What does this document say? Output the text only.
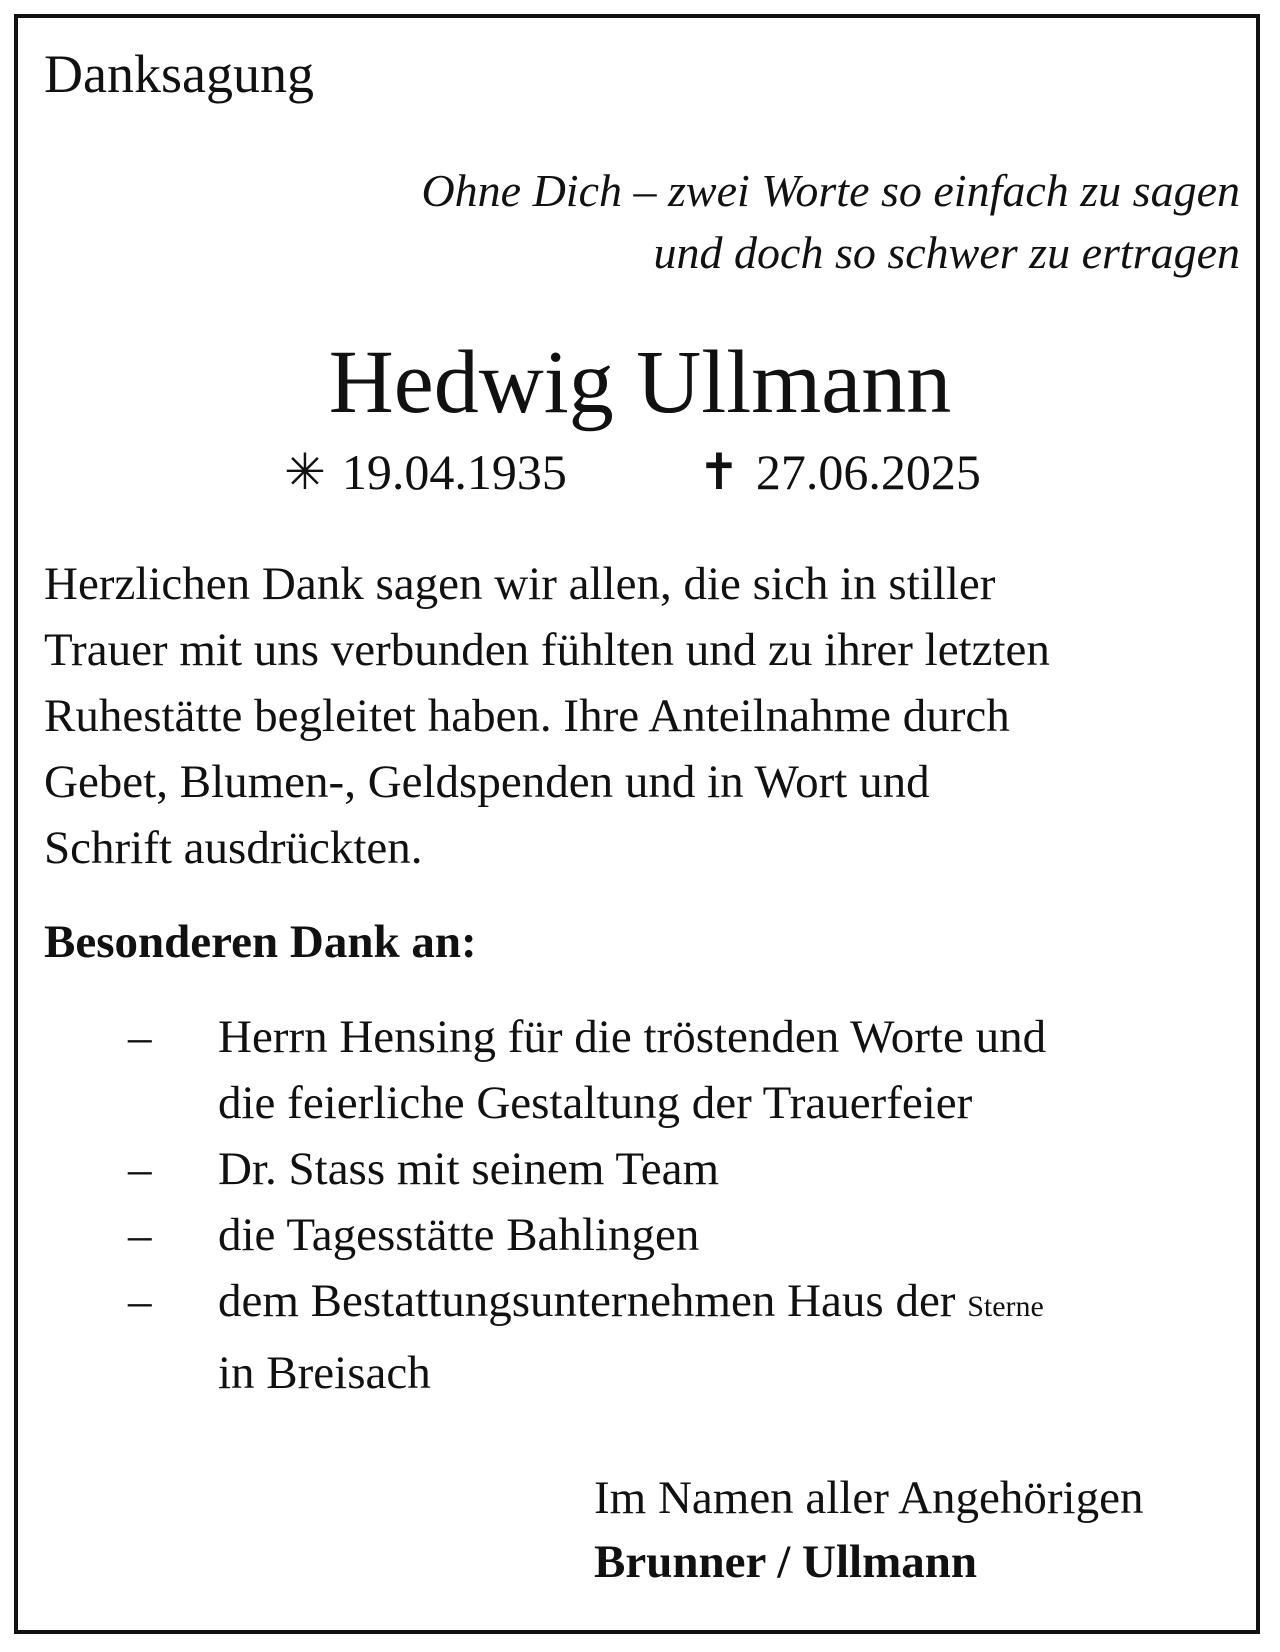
Danksagung
Ohne Dich – zwei Worte so einfach zu sagen
und doch so schwer zu ertragen
Hedwig Ullmann
✳ 19.04.1935	✝ 27.06.2025
Herzlichen Dank sagen wir allen, die sich in stiller
Trauer mit uns verbunden fühlten und zu ihrer letzten
Ruhestätte begleitet haben. Ihre Anteilnahme durch
Gebet, Blumen-, Geldspenden und in Wort und
Schrift ausdrückten.
Besonderen Dank an:
– Herrn Hensing für die tröstenden Worte und
die feierliche Gestaltung der Trauerfeier
– Dr. Stass mit seinem Team
– die Tagesstätte Bahlingen
– dem Bestattungsunternehmen Haus der Sterne
in Breisach
Im Namen aller Angehörigen
Brunner / Ullmann
